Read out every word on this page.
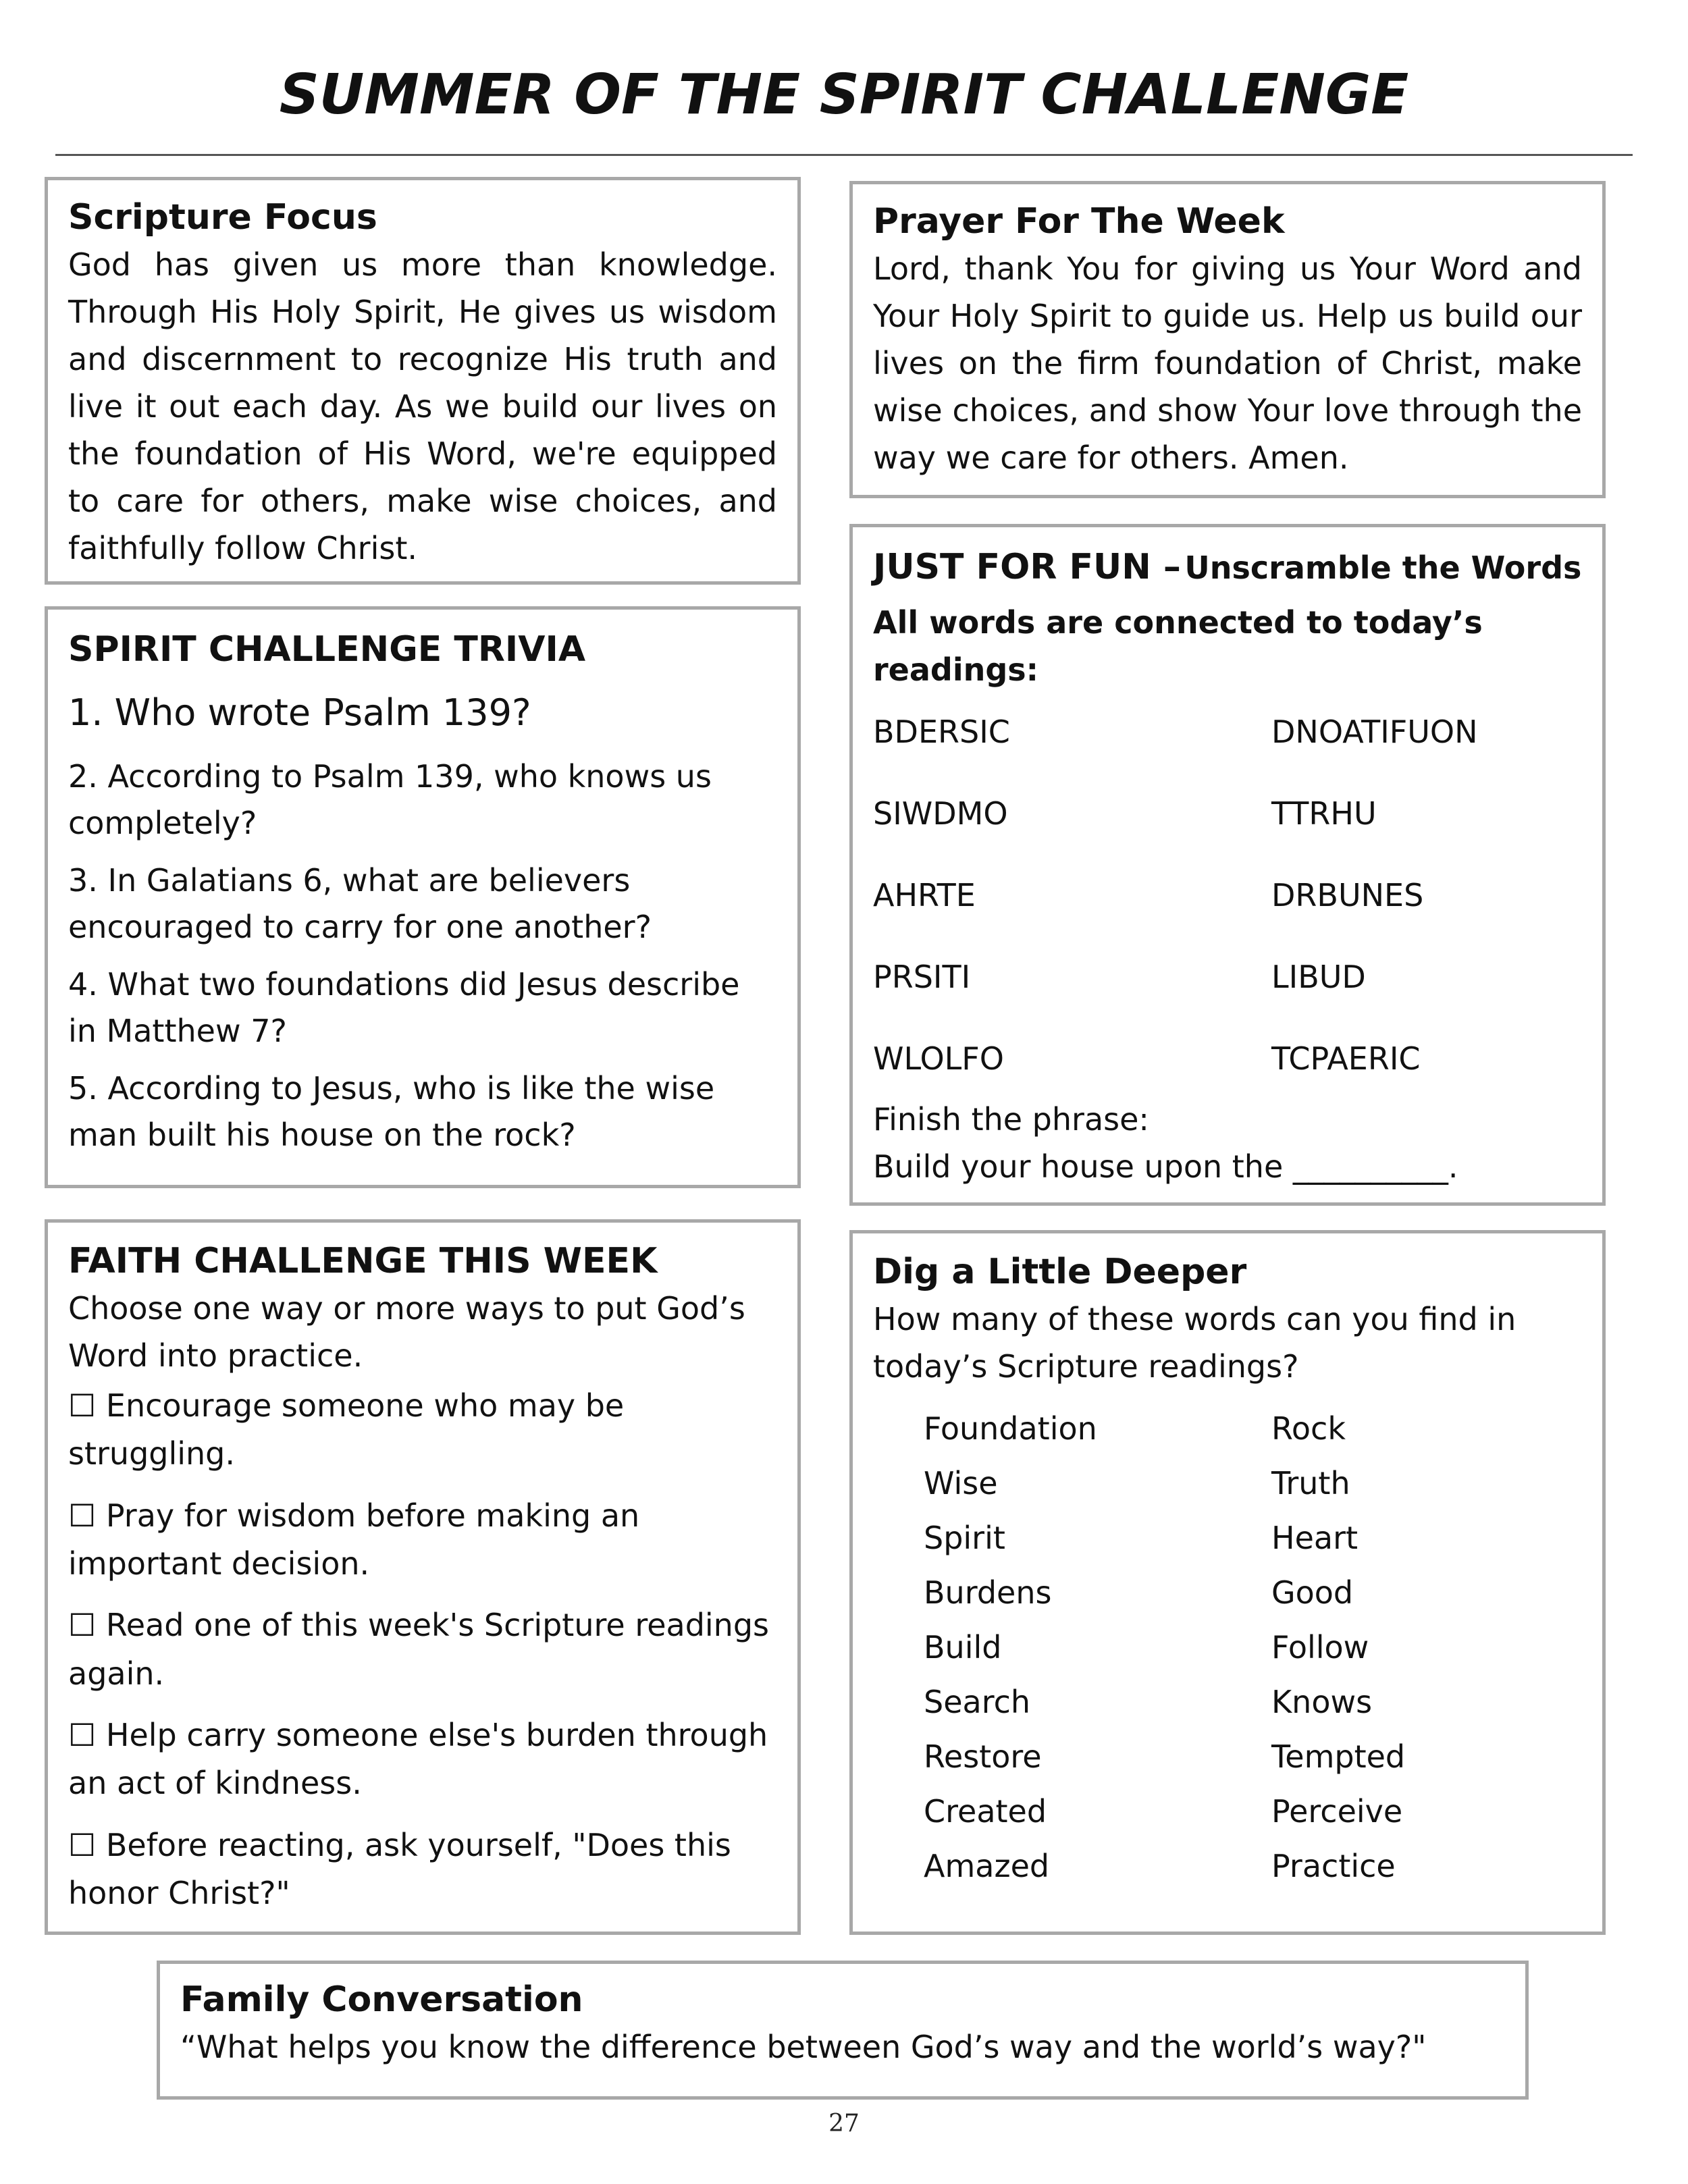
SUMMER OF THE SPIRIT CHALLENGE
Scripture Focus

God has given us more than knowledge. Through His Holy Spirit, He gives us wisdom and discernment to recognize His truth and live it out each day. As we build our lives on the foundation of His Word, we're equipped to care for others, make wise choices, and faithfully follow Christ.

Prayer For The Week

Lord, thank You for giving us Your Word and Your Holy Spirit to guide us. Help us build our lives on the firm foundation of Christ, make wise choices, and show Your love through the way we care for others. Amen.

SPIRIT CHALLENGE TRIVIA
1. Who wrote Psalm 139?
2. According to Psalm 139, who knows us completely?
3. In Galatians 6, what are believers encouraged to carry for one another?
4. What two foundations did Jesus describe in Matthew 7?
5. According to Jesus, who is like the wise man built his house on the rock?
JUST FOR FUN – Unscramble the Words
All words are connected to today’s readings:
BDERSIC	DNOATIFUON
SIWDMO	TTRHU
AHRTE	DRBUNES
PRSITI	LIBUD
WLOLFO	TCPAERIC

Finish the phrase:

Build your house upon the __________.

FAITH CHALLENGE THIS WEEK

Choose one way or more ways to put God’s Word into practice.

☐ Encourage someone who may be struggling.
☐ Pray for wisdom before making an important decision.
☐ Read one of this week's Scripture readings again.
☐ Help carry someone else's burden through an act of kindness.
☐ Before reacting, ask yourself, "Does this honor Christ?"
Dig a Little Deeper

How many of these words can you find in today’s Scripture readings?

Foundation	Rock
Wise	Truth
Spirit	Heart
Burdens	Good
Build	Follow
Search	Knows
Restore	Tempted
Created	Perceive
Amazed	Practice
Family Conversation

“What helps you know the difference between God’s way and the world’s way?"

27
